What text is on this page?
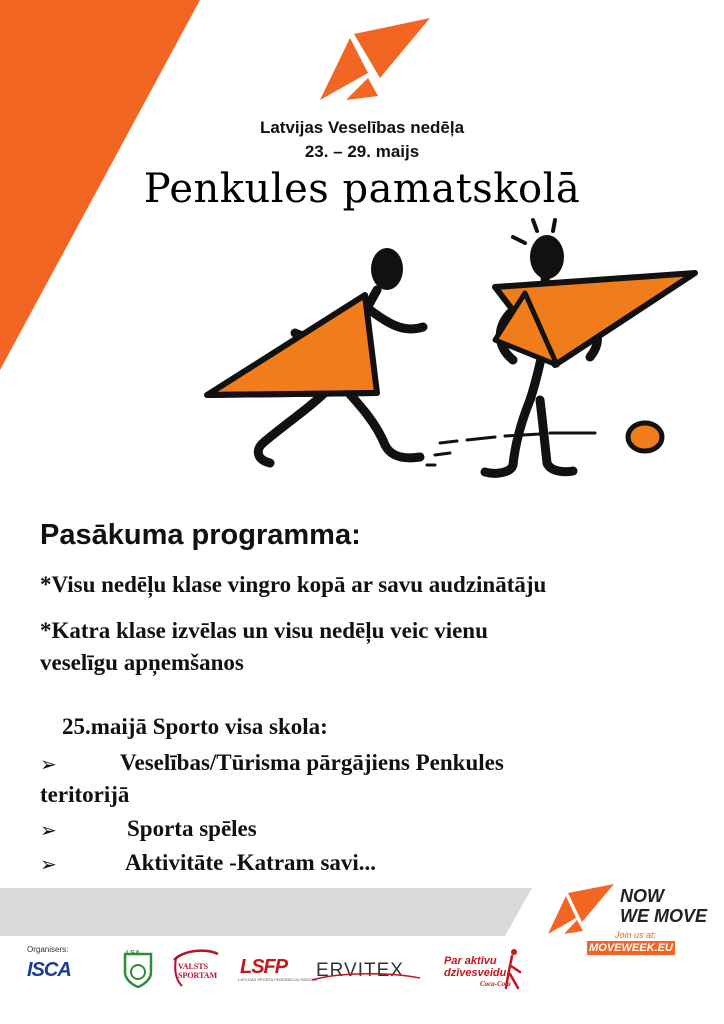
Latvijas Veselības nedēļa
23. – 29. maijs
Penkules pamatskolā
Pasākuma programma:
*Visu nedēļu klase vingro kopā ar savu audzinātāju
*Katra klase izvēlas un visu nedēļu veic vienu
veselīgu apņemšanos
25.maijā Sporto visa skola:
➢	Veselības/Tūrisma pārgājiens Penkules
teritorijā
➢	Sporta spēles
➢	Aktivitāte -Katram savi...
NOW
WE MOVE
Join us at:
MOVEWEEK.EU
Organisers:
ISCA
LSA
VALSTS
SPORTAM LSFP
LATVIJAS SPORTA FEDERĀCIJU PADOME
ERVITEX	Par aktīvu
dzīvesveidu!
Coca-Cola
